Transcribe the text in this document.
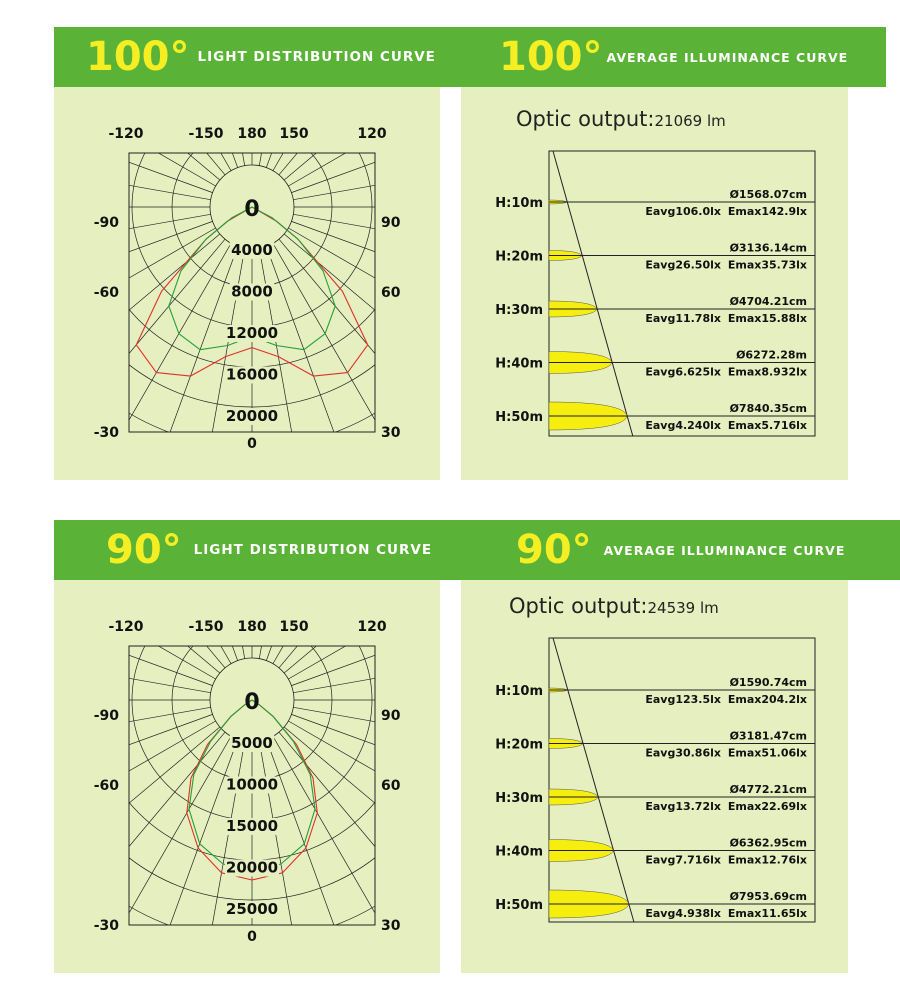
100° LIGHT DISTRIBUTION CURVE
4000
8000
12000
16000
20000
0
-120	-150 180 150	120
-90
-60
-30
90
60
30
0
100° AVERAGE ILLUMINANCE CURVE
Optic output:21069 lm
H:10m
Ø1568.07cm
Eavg106.0lx Emax142.9lx
H:20m
Ø3136.14cm
Eavg26.50lx Emax35.73lx
H:30m
Ø4704.21cm
Eavg11.78lx Emax15.88lx
H:40m
Ø6272.28m
Eavg6.625lx Emax8.932lx
H:50m
Ø7840.35cm
Eavg4.240lx Emax5.716lx
90° LIGHT DISTRIBUTION CURVE
5000
10000
15000
20000
25000
0
-120	-150 180 150	120
-90
-60
-30
90
60
30
0
90° AVERAGE ILLUMINANCE CURVE
Optic output:24539 lm
H:10m
Ø1590.74cm
Eavg123.5lx Emax204.2lx
H:20m
Ø3181.47cm
Eavg30.86lx Emax51.06lx
H:30m
Ø4772.21cm
Eavg13.72lx Emax22.69lx
H:40m
Ø6362.95cm
Eavg7.716lx Emax12.76lx
H:50m
Ø7953.69cm
Eavg4.938lx Emax11.65lx
